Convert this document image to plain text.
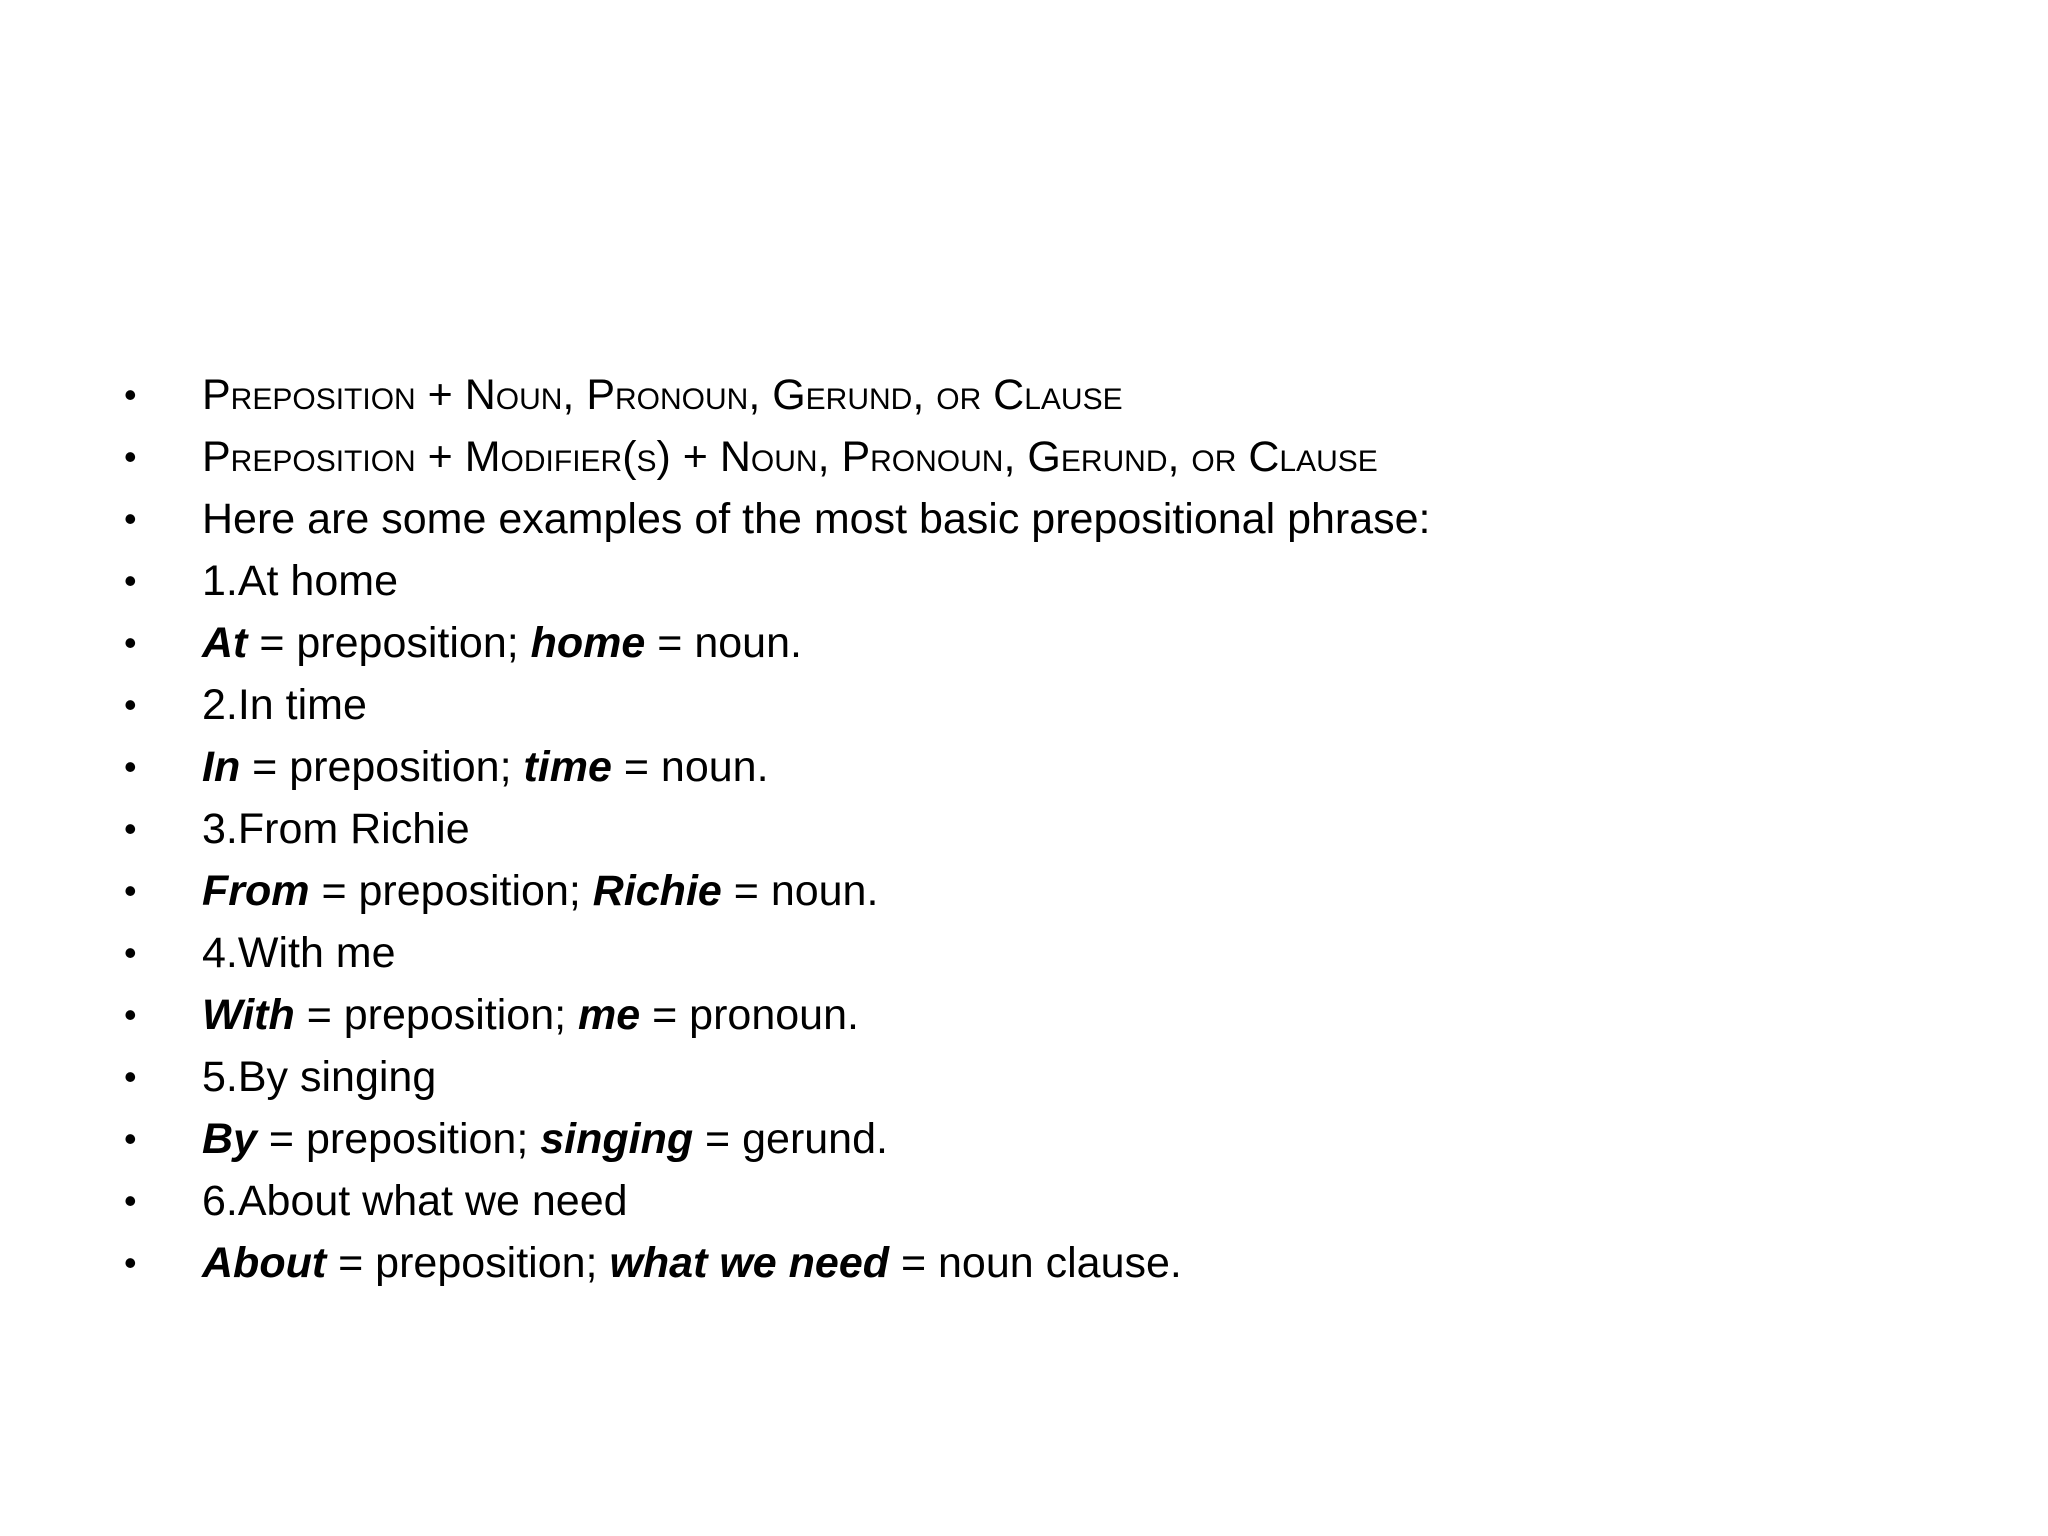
•	Preposition + Noun, Pronoun, Gerund, or Clause
•	Preposition + Modifier(s) + Noun, Pronoun, Gerund, or Clause
•	Here are some examples of the most basic prepositional phrase:
•	1.At home
•	At = preposition; home = noun.
•	2.In time
•	In = preposition; time = noun.
•	3.From Richie
•	From = preposition; Richie = noun.
•	4.With me
•	With = preposition; me = pronoun.
•	5.By singing
•	By = preposition; singing = gerund.
•	6.About what we need
•	About = preposition; what we need = noun clause.
